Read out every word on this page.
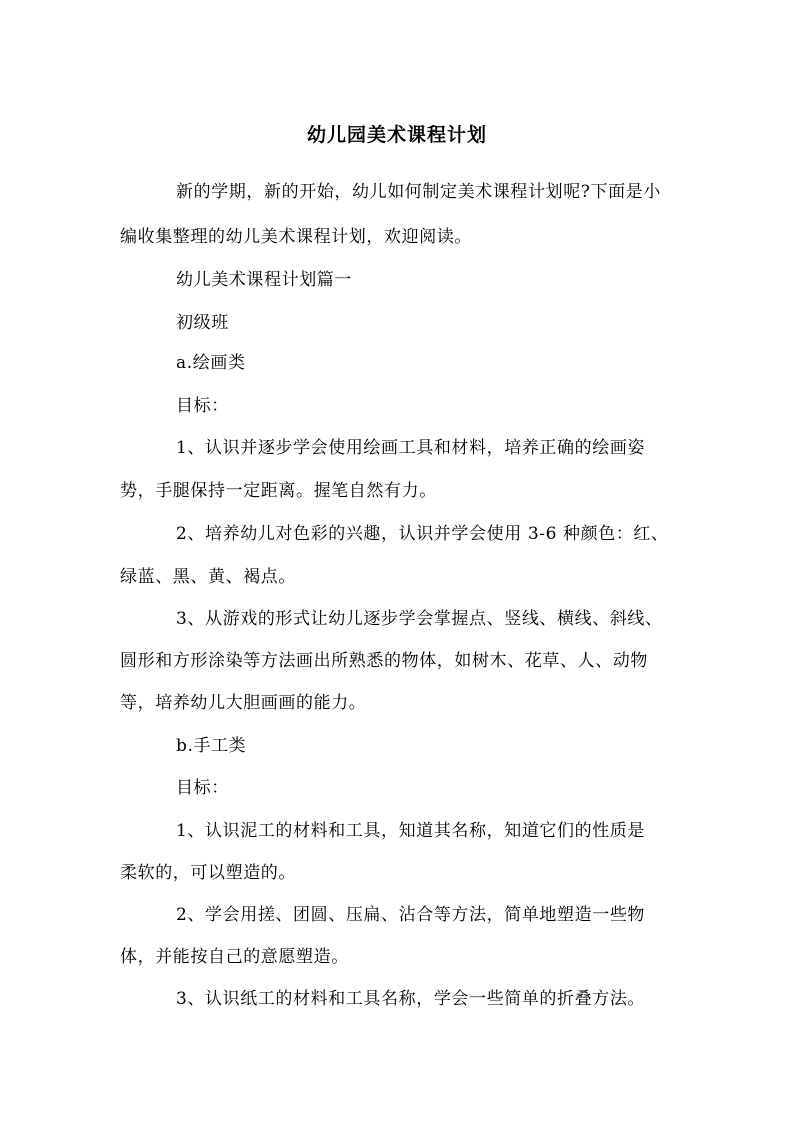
幼儿园美术课程计划
新的学期，新的开始，幼儿如何制定美术课程计划呢?下面是小
编收集整理的幼儿美术课程计划，欢迎阅读。
幼儿美术课程计划篇一
初级班
a.绘画类
目标：
1、认识并逐步学会使用绘画工具和材料，培养正确的绘画姿
势，手腿保持一定距离。握笔自然有力。
2、培养幼儿对色彩的兴趣，认识并学会使用 3-6 种颜色：红、
绿蓝、黑、黄、褐点。
3、从游戏的形式让幼儿逐步学会掌握点、竖线、横线、斜线、
圆形和方形涂染等方法画出所熟悉的物体，如树木、花草、人、动物
等，培养幼儿大胆画画的能力。
b.手工类
目标：
1、认识泥工的材料和工具，知道其名称，知道它们的性质是
柔软的，可以塑造的。
2、学会用搓、团圆、压扁、沾合等方法，简单地塑造一些物
体，并能按自己的意愿塑造。
3、认识纸工的材料和工具名称，学会一些简单的折叠方法。
